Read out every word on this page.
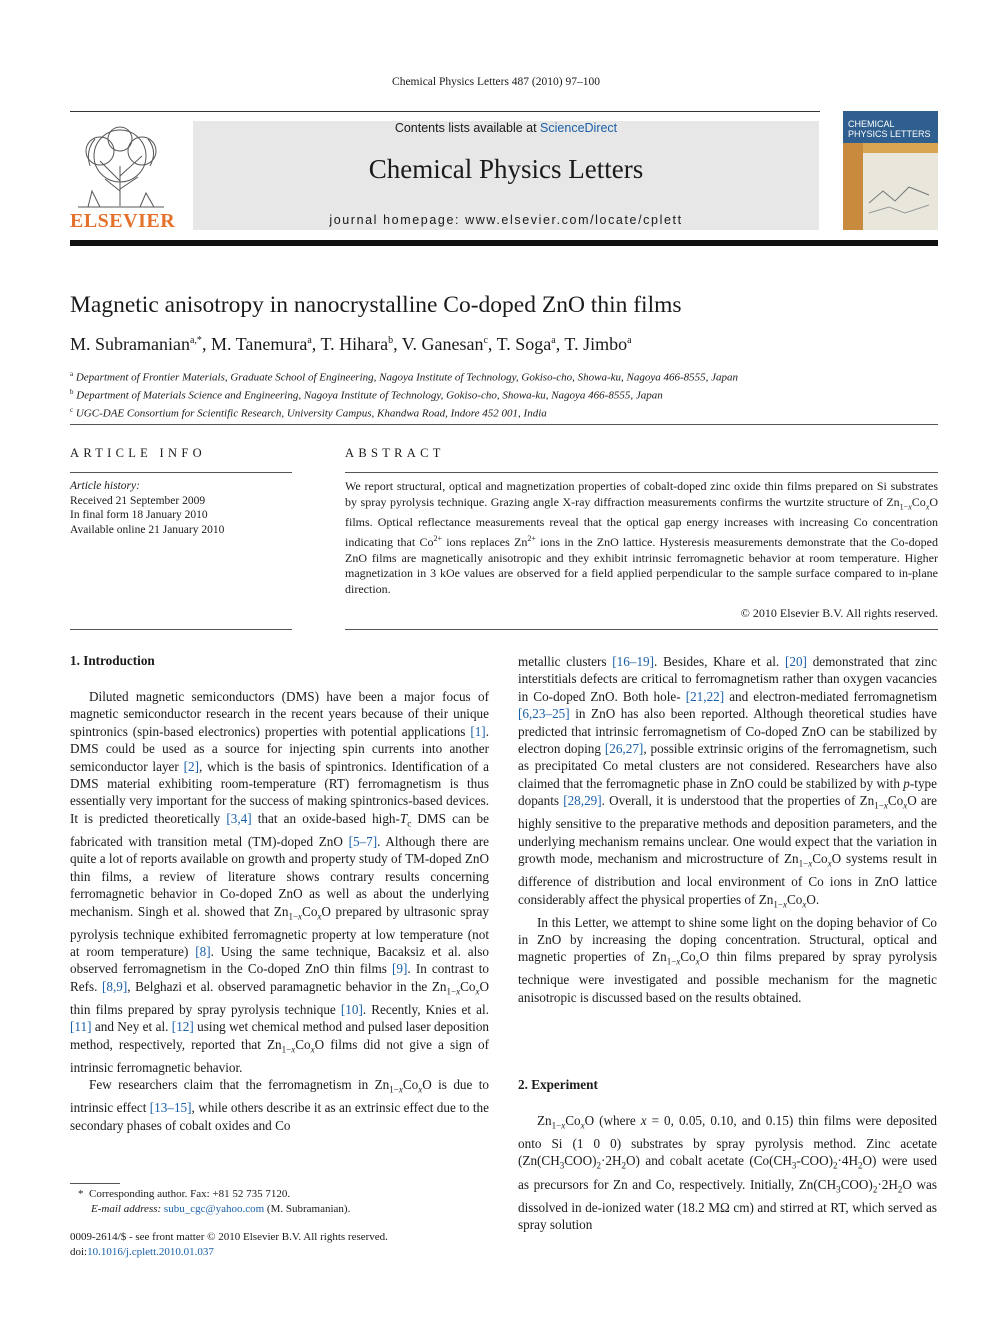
Chemical Physics Letters 487 (2010) 97–100
ELSEVIER
Contents lists available at ScienceDirect
Chemical Physics Letters
journal homepage: www.elsevier.com/locate/cplett
CHEMICAL PHYSICS LETTERS
Magnetic anisotropy in nanocrystalline Co-doped ZnO thin films
M. Subramanian$^{a,*}$, M. Tanemura$^a$, T. Hihara$^b$, V. Ganesan$^c$, T. Soga$^a$, T. Jimbo$^a$
$^a$ Department of Frontier Materials, Graduate School of Engineering, Nagoya Institute of Technology, Gokiso-cho, Showa-ku, Nagoya 466-8555, Japan
$^b$ Department of Materials Science and Engineering, Nagoya Institute of Technology, Gokiso-cho, Showa-ku, Nagoya 466-8555, Japan
$^c$ UGC-DAE Consortium for Scientific Research, University Campus, Khandwa Road, Indore 452 001, India
ARTICLE INFO
Article history:
Received 21 September 2009
In final form 18 January 2010
Available online 21 January 2010
ABSTRACT
We report structural, optical and magnetization properties of cobalt-doped zinc oxide thin films prepared on Si substrates by spray pyrolysis technique. Grazing angle X-ray diffraction measurements confirms the wurtzite structure of $Zn_{1-x}Co_xO$ films. Optical reflectance measurements reveal that the optical gap energy increases with increasing Co concentration indicating that $Co^{2+}$ ions replaces $Zn^{2+}$ ions in the ZnO lattice. Hysteresis measurements demonstrate that the Co-doped ZnO films are magnetically anisotropic and they exhibit intrinsic ferromagnetic behavior at room temperature. Higher magnetization in 3 kOe values are observed for a field applied perpendicular to the sample surface compared to in-plane direction.
© 2010 Elsevier B.V. All rights reserved.
1. Introduction

Diluted magnetic semiconductors (DMS) have been a major focus of magnetic semiconductor research in the recent years because of their unique spintronics (spin-based electronics) properties with potential applications [1]. DMS could be used as a source for injecting spin currents into another semiconductor layer [2], which is the basis of spintronics. Identification of a DMS material exhibiting room-temperature (RT) ferromagnetism is thus essentially very important for the success of making spintronics-based devices. It is predicted theoretically [3,4] that an oxide-based high-$T_c$ DMS can be fabricated with transition metal (TM)-doped ZnO [5–7]. Although there are quite a lot of reports available on growth and property study of TM-doped ZnO thin films, a review of literature shows contrary results concerning ferromagnetic behavior in Co-doped ZnO as well as about the underlying mechanism. Singh et al. showed that $Zn_{1-x}Co_xO$ prepared by ultrasonic spray pyrolysis technique exhibited ferromagnetic property at low temperature (not at room temperature) [8]. Using the same technique, Bacaksiz et al. also observed ferromagnetism in the Co-doped ZnO thin films [9]. In contrast to Refs. [8,9], Belghazi et al. observed paramagnetic behavior in the $Zn_{1-x}Co_xO$ thin films prepared by spray pyrolysis technique [10]. Recently, Knies et al. [11] and Ney et al. [12] using wet chemical method and pulsed laser deposition method, respectively, reported that $Zn_{1-x}Co_xO$ films did not give a sign of intrinsic ferromagnetic behavior.

Few researchers claim that the ferromagnetism in $Zn_{1-x}Co_xO$ is due to intrinsic effect [13–15], while others describe it as an extrinsic effect due to the secondary phases of cobalt oxides and Co

* Corresponding author. Fax: +81 52 735 7120.
E-mail address: subu_cgc@yahoo.com (M. Subramanian).
0009-2614/$ - see front matter © 2010 Elsevier B.V. All rights reserved.
doi:10.1016/j.cplett.2010.01.037

metallic clusters [16–19]. Besides, Khare et al. [20] demonstrated that zinc interstitials defects are critical to ferromagnetism rather than oxygen vacancies in Co-doped ZnO. Both hole- [21,22] and electron-mediated ferromagnetism [6,23–25] in ZnO has also been reported. Although theoretical studies have predicted that intrinsic ferromagnetism of Co-doped ZnO can be stabilized by electron doping [26,27], possible extrinsic origins of the ferromagnetism, such as precipitated Co metal clusters are not considered. Researchers have also claimed that the ferromagnetic phase in ZnO could be stabilized by with p-type dopants [28,29]. Overall, it is understood that the properties of $Zn_{1-x}Co_xO$ are highly sensitive to the preparative methods and deposition parameters, and the underlying mechanism remains unclear. One would expect that the variation in growth mode, mechanism and microstructure of $Zn_{1-x}Co_xO$ systems result in difference of distribution and local environment of Co ions in ZnO lattice considerably affect the physical properties of $Zn_{1-x}Co_xO$.

In this Letter, we attempt to shine some light on the doping behavior of Co in ZnO by increasing the doping concentration. Structural, optical and magnetic properties of $Zn_{1-x}Co_xO$ thin films prepared by spray pyrolysis technique were investigated and possible mechanism for the magnetic anisotropic is discussed based on the results obtained.

2. Experiment

$Zn_{1-x}Co_xO$ (where x = 0, 0.05, 0.10, and 0.15) thin films were deposited onto Si (1 0 0) substrates by spray pyrolysis method. Zinc acetate $(Zn(CH_3COO)_2\cdot 2H_2O)$ and cobalt acetate $(Co(CH_3-COO)_2\cdot 4H_2O)$ were used as precursors for Zn and Co, respectively. Initially, $Zn(CH_3COO)_2\cdot 2H_2O$ was dissolved in de-ionized water (18.2 MΩ cm) and stirred at RT, which served as spray solution
